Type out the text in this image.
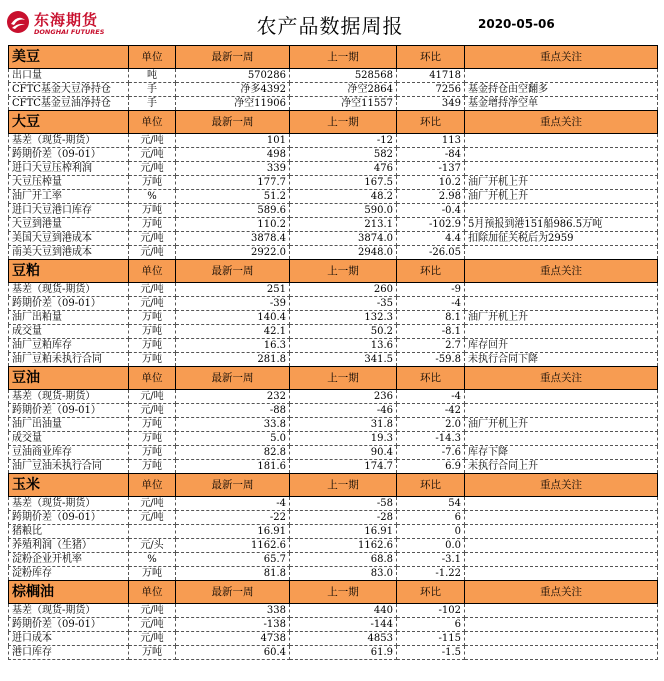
东海期货
DONGHAI FUTURES	农产品数据周报	2020-05-06
美豆	单位	最新一周	上一期	环比	重点关注
出口量	吨	570286	528568	41718	
CFTC基金大豆净持仓	手	净多4392	净空2864	7256	基金持仓由空翻多
CFTC基金豆油净持仓	手	净空11906	净空11557	349	基金增持净空单
大豆	单位	最新一周	上一期	环比	重点关注
基差（现货-期货）	元/吨	101	-12	113	
跨期价差（09-01）	元/吨	498	582	-84	
进口大豆压榨利润	元/吨	339	476	-137	
大豆压榨量	万吨	177.7	167.5	10.2	油厂开机上升
油厂开工率	%	51.2	48.2	2.98	油厂开机上升
进口大豆港口库存	万吨	589.6	590.0	-0.4	
大豆到港量	万吨	110.2	213.1	-102.9	5月预报到港151船986.5万吨
美国大豆到港成本	元/吨	3878.4	3874.0	4.4	扣除加征关税后为2959
南美大豆到港成本	元/吨	2922.0	2948.0	-26.05	
豆粕	单位	最新一周	上一期	环比	重点关注
基差（现货-期货）	元/吨	251	260	-9	
跨期价差（09-01）	元/吨	-39	-35	-4	
油厂出粕量	万吨	140.4	132.3	8.1	油厂开机上升
成交量	万吨	42.1	50.2	-8.1	
油厂豆粕库存	万吨	16.3	13.6	2.7	库存回升
油厂豆粕未执行合同	万吨	281.8	341.5	-59.8	未执行合同下降
豆油	单位	最新一周	上一期	环比	重点关注
基差（现货-期货）	元/吨	232	236	-4	
跨期价差（09-01）	元/吨	-88	-46	-42	
油厂出油量	万吨	33.8	31.8	2.0	油厂开机上升
成交量	万吨	5.0	19.3	-14.3	
豆油商业库存	万吨	82.8	90.4	-7.6	库存下降
油厂豆油未执行合同	万吨	181.6	174.7	6.9	未执行合同上升
玉米	单位	最新一周	上一期	环比	重点关注
基差（现货-期货）	元/吨	-4	-58	54	
跨期价差（09-01）	元/吨	-22	-28	6	
猪粮比		16.91	16.91	0	
养殖利润（生猪）	元/头	1162.6	1162.6	0.0	
淀粉企业开机率	%	65.7	68.8	-3.1	
淀粉库存	万吨	81.8	83.0	-1.22	
棕榈油	单位	最新一周	上一期	环比	重点关注
基差（现货-期货）	元/吨	338	440	-102	
跨期价差（09-01）	元/吨	-138	-144	6	
进口成本	元/吨	4738	4853	-115	
港口库存	万吨	60.4	61.9	-1.5	
